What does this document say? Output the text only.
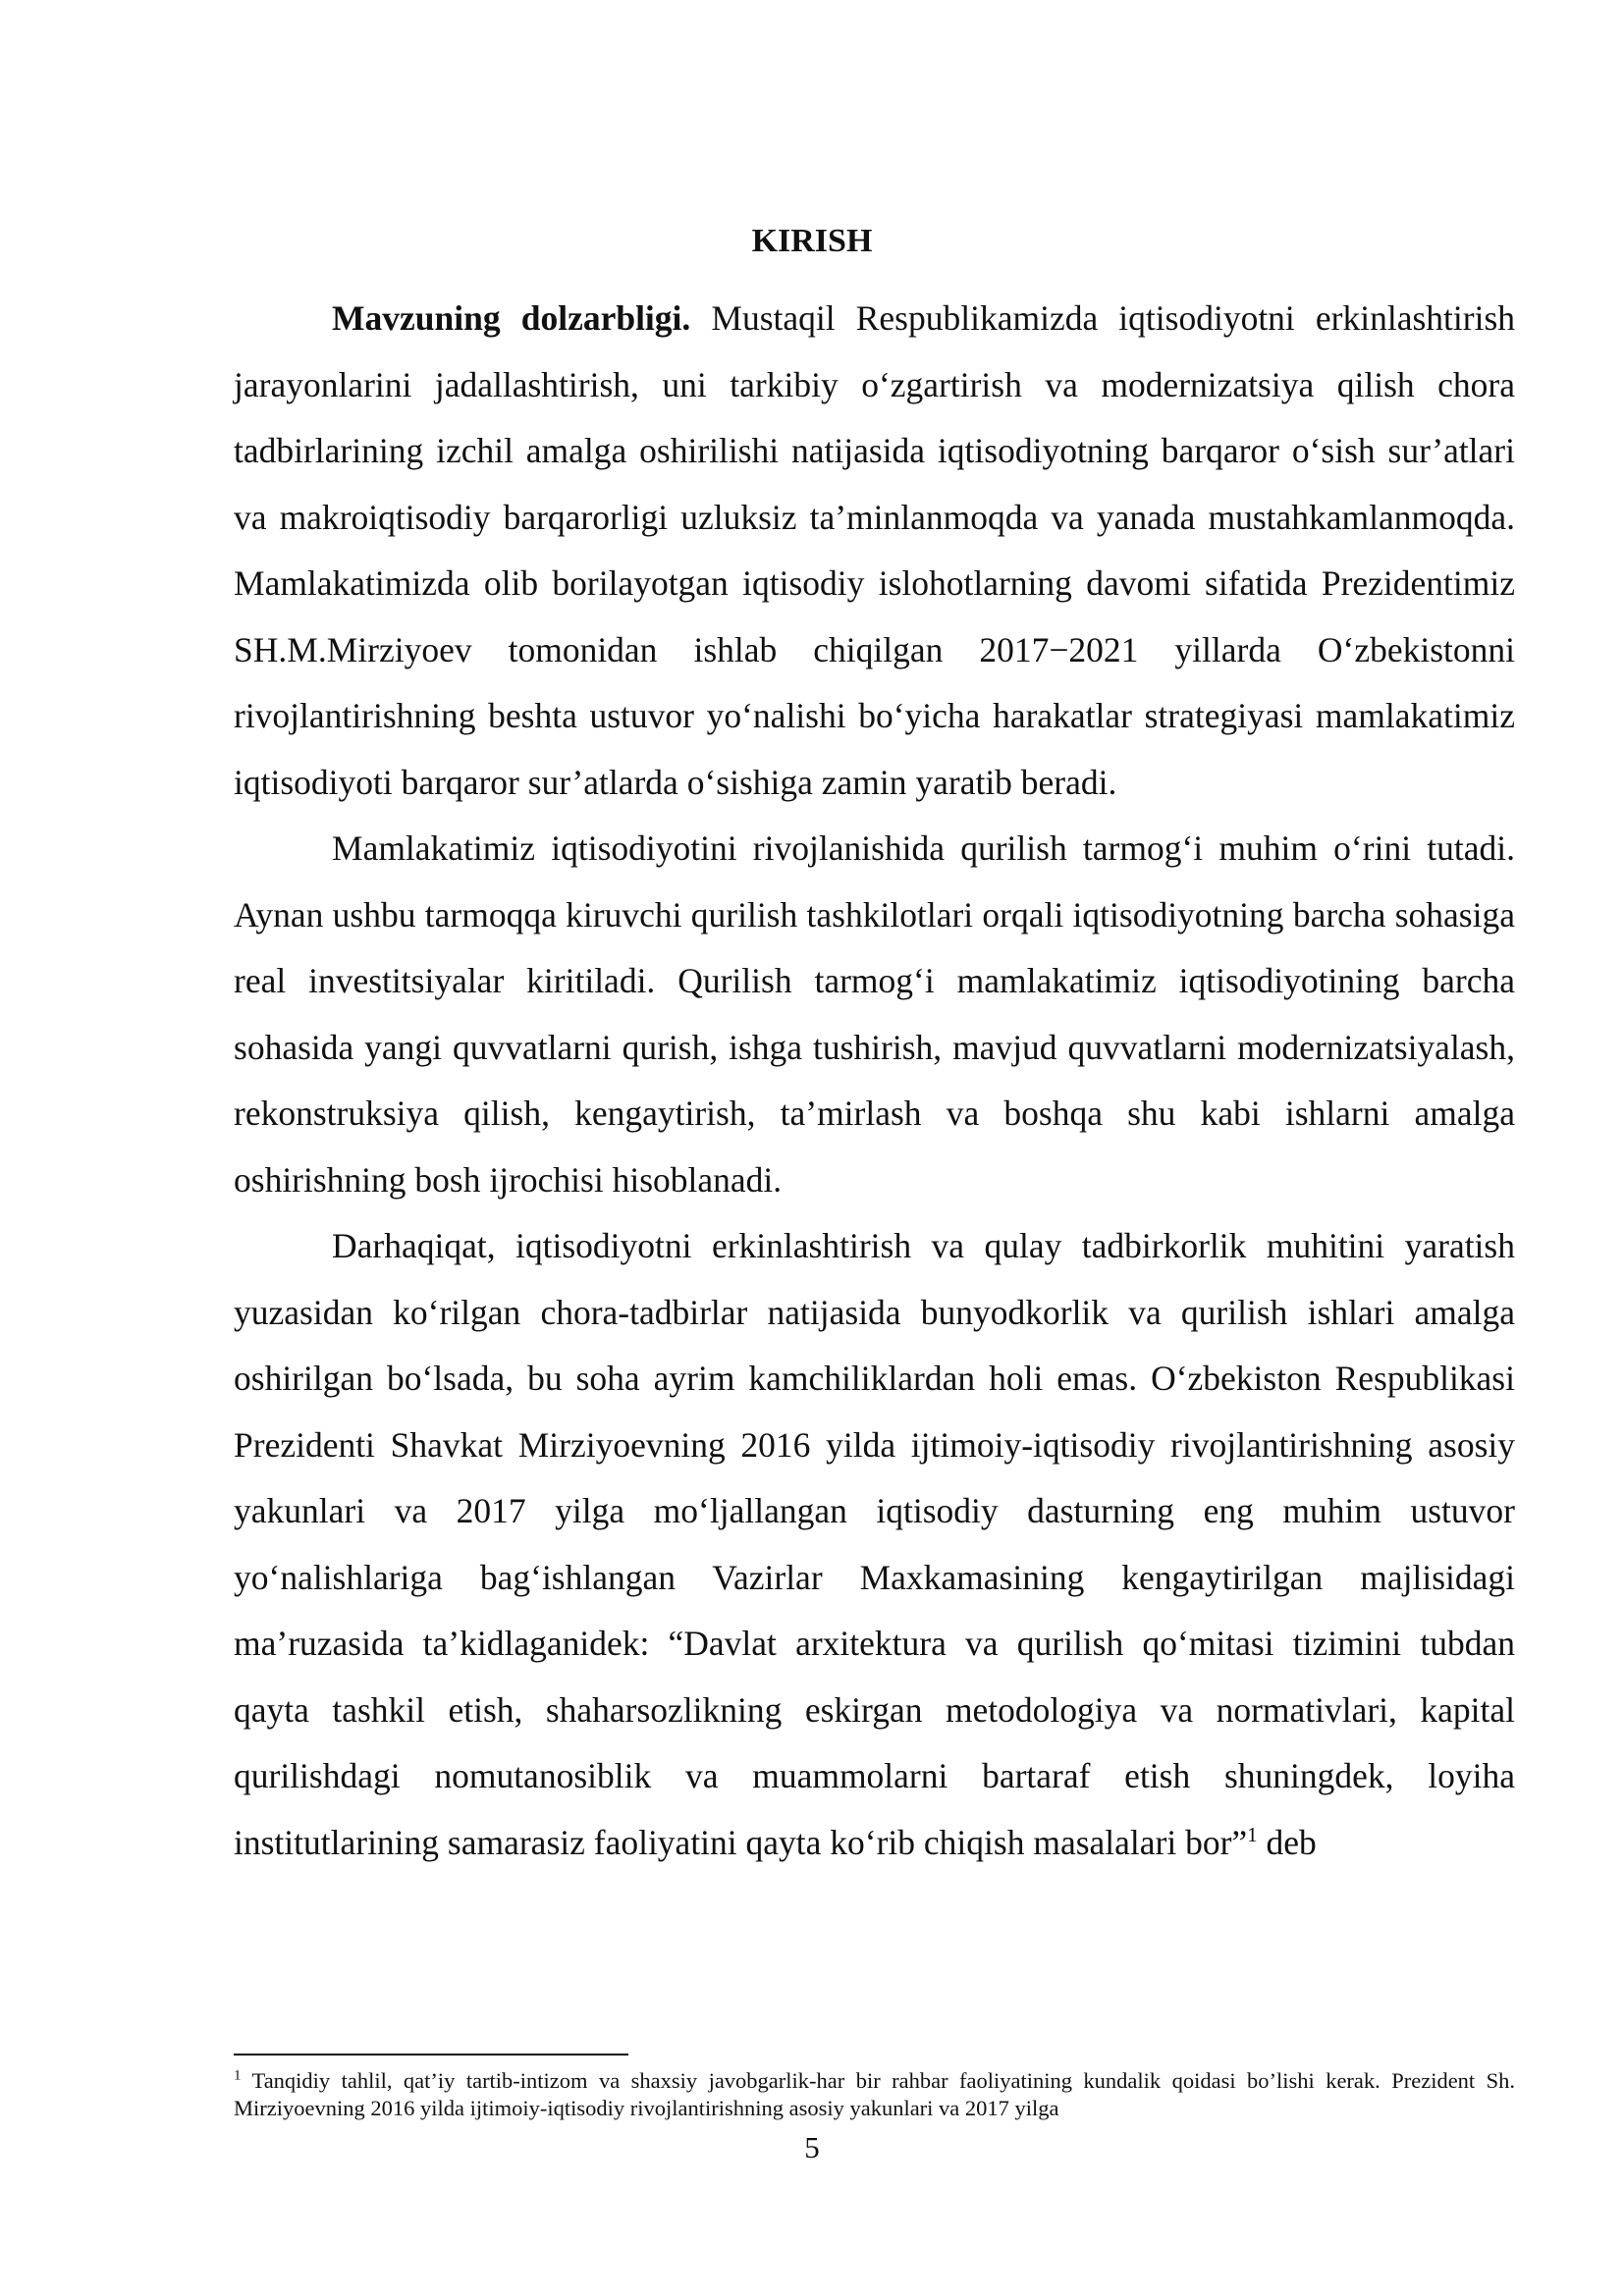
KIRISH

Mavzuning dolzarbligi. Mustaqil Respublikamizda iqtisodiyotni erkinlashtirish jarayonlarini jadallashtirish, uni tarkibiy o‘zgartirish va modernizatsiya qilish chora tadbirlarining izchil amalga oshirilishi natijasida iqtisodiyotning barqaror o‘sish sur’atlari va makroiqtisodiy barqarorligi uzluksiz ta’minlanmoqda va yanada mustahkamlanmoqda. Mamlakatimizda olib borilayotgan iqtisodiy islohotlarning davomi sifatida Prezidentimiz SH.M.Mirziyoev tomonidan ishlab chiqilgan 2017−2021 yillarda O‘zbekistonni rivojlantirishning beshta ustuvor yo‘nalishi bo‘yicha harakatlar strategiyasi mamlakatimiz iqtisodiyoti barqaror sur’atlarda o‘sishiga zamin yaratib beradi.

Mamlakatimiz iqtisodiyotini rivojlanishida qurilish tarmog‘i muhim o‘rini tutadi. Aynan ushbu tarmoqqa kiruvchi qurilish tashkilotlari orqali iqtisodiyotning barcha sohasiga real investitsiyalar kiritiladi. Qurilish tarmog‘i mamlakatimiz iqtisodiyotining barcha sohasida yangi quvvatlarni qurish, ishga tushirish, mavjud quvvatlarni modernizatsiyalash, rekonstruksiya qilish, kengaytirish, ta’mirlash va boshqa shu kabi ishlarni amalga oshirishning bosh ijrochisi hisoblanadi.

Darhaqiqat, iqtisodiyotni erkinlashtirish va qulay tadbirkorlik muhitini yaratish yuzasidan ko‘rilgan chora-tadbirlar natijasida bunyodkorlik va qurilish ishlari amalga oshirilgan bo‘lsada, bu soha ayrim kamchiliklardan holi emas. O‘zbekiston Respublikasi Prezidenti Shavkat Mirziyoevning 2016 yilda ijtimoiy-iqtisodiy rivojlantirishning asosiy yakunlari va 2017 yilga mo‘ljallangan iqtisodiy dasturning eng muhim ustuvor yo‘nalishlariga bag‘ishlangan Vazirlar Maxkamasining kengaytirilgan majlisidagi ma’ruzasida ta’kidlaganidek: “Davlat arxitektura va qurilish qo‘mitasi tizimini tubdan qayta tashkil etish, shaharsozlikning eskirgan metodologiya va normativlari, kapital qurilishdagi nomutanosiblik va muammolarni bartaraf etish shuningdek, loyiha institutlarining samarasiz faoliyatini qayta ko‘rib chiqish masalalari bor”$^1$ deb

$^1$ Tanqidiy tahlil, qat’iy tartib-intizom va shaxsiy javobgarlik-har bir rahbar faoliyatining kundalik qoidasi bo’lishi kerak. Prezident Sh. Mirziyoevning 2016 yilda ijtimoiy-iqtisodiy rivojlantirishning asosiy yakunlari va 2017 yilga

5
